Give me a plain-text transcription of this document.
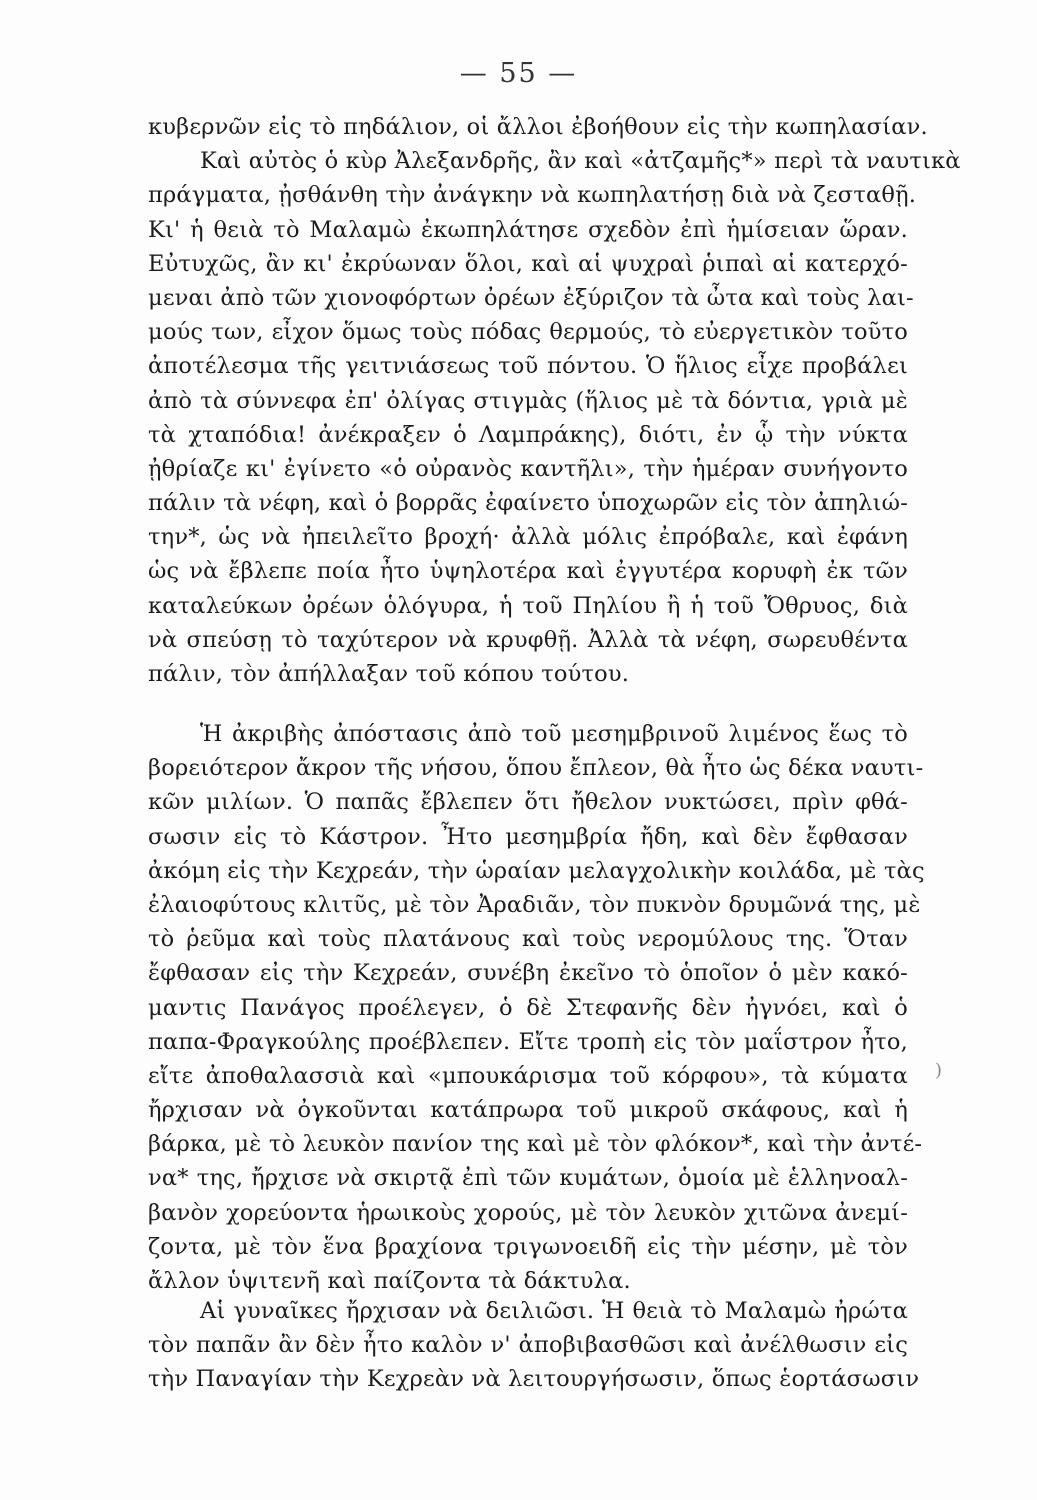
— 55 —
κυβερνῶν εἰς τὸ πηδάλιον, οἱ ἄλλοι ἐβοήθουν εἰς τὴν κωπηλασίαν.
Καὶ αὐτὸς ὁ κὺρ Ἀλεξανδρῆς, ἂν καὶ «ἀτζαμῆς*» περὶ τὰ ναυτικὰ
πράγματα, ᾐσθάνθη τὴν ἀνάγκην νὰ κωπηλατήσῃ διὰ νὰ ζεσταθῇ.
Κι' ἡ θειὰ τὸ Μαλαμὼ ἐκωπηλάτησε σχεδὸν ἐπὶ ἡμίσειαν ὥραν.
Εὐτυχῶς, ἂν κι' ἐκρύωναν ὅλοι, καὶ αἱ ψυχραὶ ῥιπαὶ αἱ κατερχό-
μεναι ἀπὸ τῶν χιονοφόρτων ὀρέων ἐξύριζον τὰ ὦτα καὶ τοὺς λαι-
μούς των, εἶχον ὅμως τοὺς πόδας θερμούς, τὸ εὐεργετικὸν τοῦτο
ἀποτέλεσμα τῆς γειτνιάσεως τοῦ πόντου. Ὁ ἥλιος εἶχε προβάλει
ἀπὸ τὰ σύννεφα ἐπ' ὀλίγας στιγμὰς (ἥλιος μὲ τὰ δόντια, γριὰ μὲ
τὰ χταπόδια! ἀνέκραξεν ὁ Λαμπράκης), διότι, ἐν ᾧ τὴν νύκτα
ᾐθρίαζε κι' ἐγίνετο «ὁ οὐρανὸς καντῆλι», τὴν ἡμέραν συνήγοντο
πάλιν τὰ νέφη, καὶ ὁ βορρᾶς ἐφαίνετο ὑποχωρῶν εἰς τὸν ἀπηλιώ-
την*, ὡς νὰ ἠπειλεῖτο βροχή· ἀλλὰ μόλις ἐπρόβαλε, καὶ ἐφάνη
ὡς νὰ ἔβλεπε ποία ἦτο ὑψηλοτέρα καὶ ἐγγυτέρα κορυφὴ ἐκ τῶν
καταλεύκων ὀρέων ὁλόγυρα, ἡ τοῦ Πηλίου ἢ ἡ τοῦ Ὄθρυος, διὰ
νὰ σπεύσῃ τὸ ταχύτερον νὰ κρυφθῇ. Ἀλλὰ τὰ νέφη, σωρευθέντα
πάλιν, τὸν ἀπήλλαξαν τοῦ κόπου τούτου.
Ἡ ἀκριβὴς ἀπόστασις ἀπὸ τοῦ μεσημβρινοῦ λιμένος ἕως τὸ
βορειότερον ἄκρον τῆς νήσου, ὅπου ἔπλεον, θὰ ἦτο ὡς δέκα ναυτι-
κῶν μιλίων. Ὁ παπᾶς ἔβλεπεν ὅτι ἤθελον νυκτώσει, πρὶν φθά-
σωσιν εἰς τὸ Κάστρον. Ἦτο μεσημβρία ἤδη, καὶ δὲν ἔφθασαν
ἀκόμη εἰς τὴν Κεχρεάν, τὴν ὡραίαν μελαγχολικὴν κοιλάδα, μὲ τὰς
ἐλαιοφύτους κλιτῦς, μὲ τὸν Ἀραδιᾶν, τὸν πυκνὸν δρυμῶνά της, μὲ
τὸ ῥεῦμα καὶ τοὺς πλατάνους καὶ τοὺς νερομύλους της. Ὅταν
ἔφθασαν εἰς τὴν Κεχρεάν, συνέβη ἐκεῖνο τὸ ὁποῖον ὁ μὲν κακό-
μαντις Πανάγος προέλεγεν, ὁ δὲ Στεφανῆς δὲν ἠγνόει, καὶ ὁ
παπα-Φραγκούλης προέβλεπεν. Εἴτε τροπὴ εἰς τὸν μαΐστρον ἦτο,
εἴτε ἀποθαλασσιὰ καὶ «μπουκάρισμα τοῦ κόρφου», τὰ κύματα
ἤρχισαν νὰ ὀγκοῦνται κατάπρωρα τοῦ μικροῦ σκάφους, καὶ ἡ
βάρκα, μὲ τὸ λευκὸν πανίον της καὶ μὲ τὸν φλόκον*, καὶ τὴν ἀντέ-
να* της, ἤρχισε νὰ σκιρτᾷ ἐπὶ τῶν κυμάτων, ὁμοία μὲ ἑλληνοαλ-
βανὸν χορεύοντα ἡρωικοὺς χορούς, μὲ τὸν λευκὸν χιτῶνα ἀνεμί-
ζοντα, μὲ τὸν ἕνα βραχίονα τριγωνοειδῆ εἰς τὴν μέσην, μὲ τὸν
ἄλλον ὑψιτενῆ καὶ παίζοντα τὰ δάκτυλα.
Αἱ γυναῖκες ἤρχισαν νὰ δειλιῶσι. Ἡ θειὰ τὸ Μαλαμὼ ἠρώτα
τὸν παπᾶν ἂν δὲν ἦτο καλὸν ν' ἀποβιβασθῶσι καὶ ἀνέλθωσιν εἰς
τὴν Παναγίαν τὴν Κεχρεὰν νὰ λειτουργήσωσιν, ὅπως ἑορτάσωσιν
)
